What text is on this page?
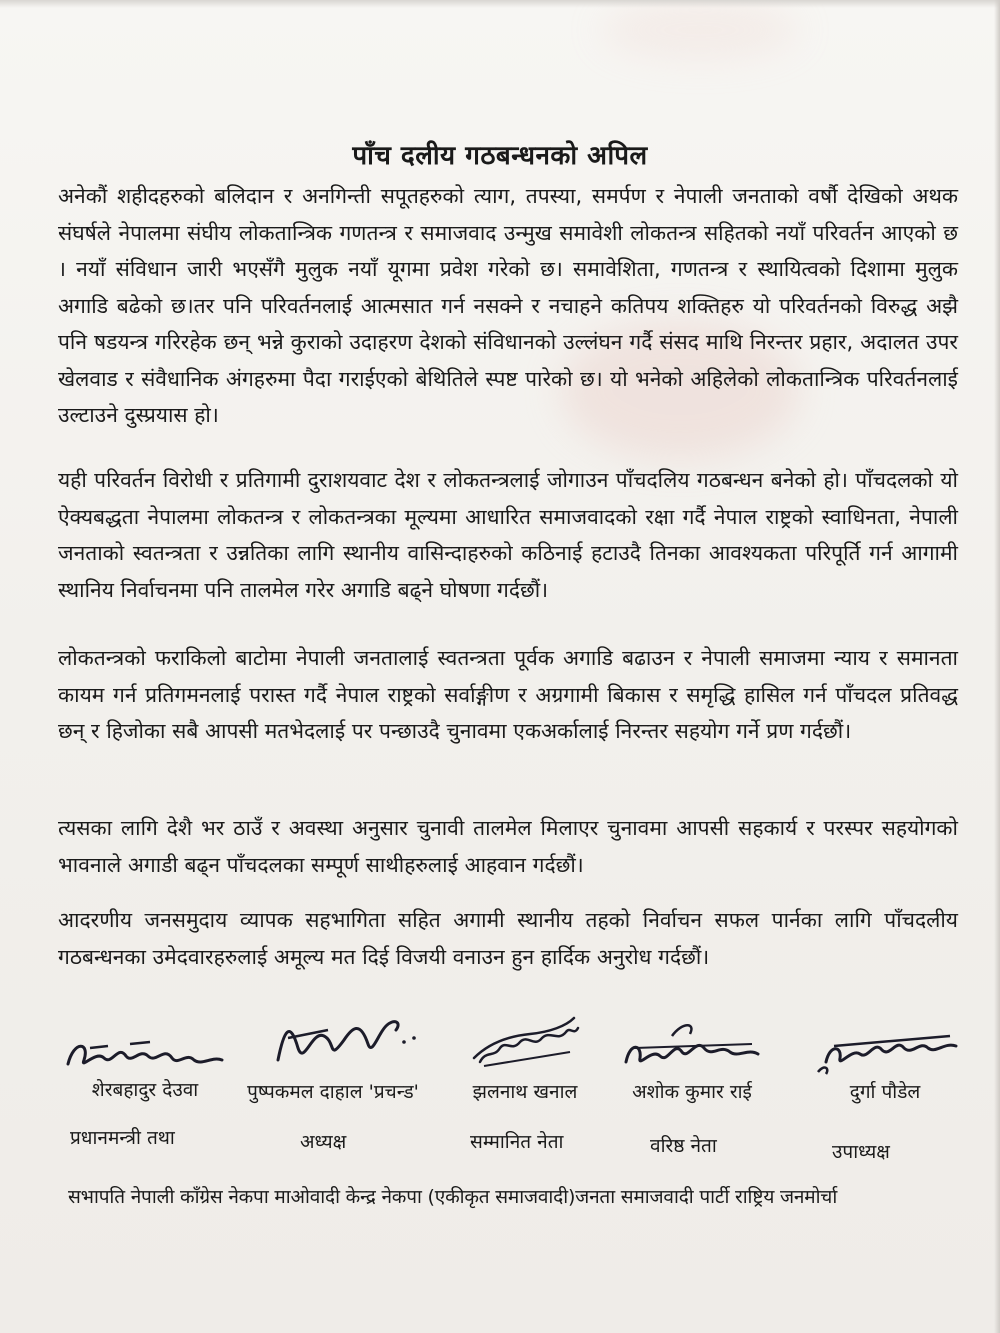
पाँच दलीय गठबन्धनको अपिल

अनेकौं शहीदहरुको बलिदान र अनगिन्ती सपूतहरुको त्याग, तपस्या, समर्पण र नेपाली जनताको वर्षौ देखिको अथक संघर्षले नेपालमा संघीय लोकतान्त्रिक गणतन्त्र र समाजवाद उन्मुख समावेशी लोकतन्त्र सहितको नयाँ परिवर्तन आएको छ । नयाँ संविधान जारी भएसँगै मुलुक नयाँ यूगमा प्रवेश गरेको छ। समावेशिता, गणतन्त्र र स्थायित्वको दिशामा मुलुक अगाडि बढेको छ।तर पनि परिवर्तनलाई आत्मसात गर्न नसक्ने र नचाहने कतिपय शक्तिहरु यो परिवर्तनको विरुद्ध अझै पनि षडयन्त्र गरिरहेक छन् भन्ने कुराको उदाहरण देशको संविधानको उल्लंघन गर्दै संसद माथि निरन्तर प्रहार, अदालत उपर खेलवाड र संवैधानिक अंगहरुमा पैदा गराईएको बेथितिले स्पष्ट पारेको छ। यो भनेको अहिलेको लोकतान्त्रिक परिवर्तनलाई उल्टाउने दुस्प्रयास हो।

यही परिवर्तन विरोधी र प्रतिगामी दुराशयवाट देश र लोकतन्त्रलाई जोगाउन पाँचदलिय गठबन्धन बनेको हो। पाँचदलको यो ऐक्यबद्धता नेपालमा लोकतन्त्र र लोकतन्त्रका मूल्यमा आधारित समाजवादको रक्षा गर्दै नेपाल राष्ट्रको स्वाधिनता, नेपाली जनताको स्वतन्त्रता र उन्नतिका लागि स्थानीय वासिन्दाहरुको कठिनाई हटाउदै तिनका आवश्यकता परिपूर्ति गर्न आगामी स्थानिय निर्वाचनमा पनि तालमेल गरेर अगाडि बढ्ने घोषणा गर्दछौं।

लोकतन्त्रको फराकिलो बाटोमा नेपाली जनतालाई स्वतन्त्रता पूर्वक अगाडि बढाउन र नेपाली समाजमा न्याय र समानता कायम गर्न प्रतिगमनलाई परास्त गर्दै नेपाल राष्ट्रको सर्वाङ्गीण र अग्रगामी बिकास र समृद्धि हासिल गर्न पाँचदल प्रतिवद्ध छन् र हिजोका सबै आपसी मतभेदलाई पर पन्छाउदै चुनावमा एकअर्कालाई निरन्तर सहयोग गर्ने प्रण गर्दछौं।

त्यसका लागि देशै भर ठाउँ र अवस्था अनुसार चुनावी तालमेल मिलाएर चुनावमा आपसी सहकार्य र परस्पर सहयोगको भावनाले अगाडी बढ्न पाँचदलका सम्पूर्ण साथीहरुलाई आहवान गर्दछौं।

आदरणीय जनसमुदाय व्यापक सहभागिता सहित अगामी स्थानीय तहको निर्वाचन सफल पार्नका लागि पाँचदलीय गठबन्धनका उमेदवारहरुलाई अमूल्य मत दिई विजयी वनाउन हुन हार्दिक अनुरोध गर्दछौं।

शेरबहादुर देउवा	पुष्पकमल दाहाल 'प्रचन्ड'	झलनाथ खनाल	अशोक कुमार राई	दुर्गा पौडेल
प्रधानमन्त्री तथा	अध्यक्ष	सम्मानित नेता	वरिष्ठ नेता	उपाध्यक्ष
सभापति नेपाली काँग्रेस नेकपा माओवादी केन्द्र नेकपा (एकीकृत समाजवादी)जनता समाजवादी पार्टी राष्ट्रिय जनमोर्चा
